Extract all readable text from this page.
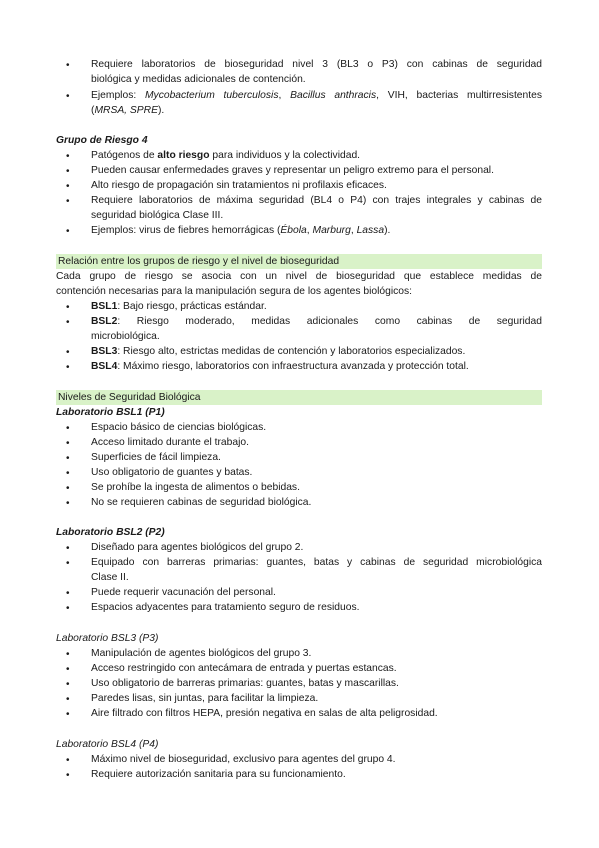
• Requiere laboratorios de bioseguridad nivel 3 (BL3 o P3) con cabinas de seguridad
biológica y medidas adicionales de contención.
• Ejemplos: Mycobacterium tuberculosis, Bacillus anthracis, VIH, bacterias multirresistentes
(MRSA, SPRE).
Grupo de Riesgo 4
• Patógenos de alto riesgo para individuos y la colectividad.
• Pueden causar enfermedades graves y representar un peligro extremo para el personal.
• Alto riesgo de propagación sin tratamientos ni profilaxis eficaces.
• Requiere laboratorios de máxima seguridad (BL4 o P4) con trajes integrales y cabinas de
seguridad biológica Clase III.
• Ejemplos: virus de fiebres hemorrágicas (Ébola, Marburg, Lassa).
Relación entre los grupos de riesgo y el nivel de bioseguridad
Cada grupo de riesgo se asocia con un nivel de bioseguridad que establece medidas de
contención necesarias para la manipulación segura de los agentes biológicos:
• BSL1: Bajo riesgo, prácticas estándar.
• BSL2: Riesgo moderado, medidas adicionales como cabinas de seguridad
microbiológica.
• BSL3: Riesgo alto, estrictas medidas de contención y laboratorios especializados.
• BSL4: Máximo riesgo, laboratorios con infraestructura avanzada y protección total.
Niveles de Seguridad Biológica
Laboratorio BSL1 (P1)
• Espacio básico de ciencias biológicas.
• Acceso limitado durante el trabajo.
• Superficies de fácil limpieza.
• Uso obligatorio de guantes y batas.
• Se prohíbe la ingesta de alimentos o bebidas.
• No se requieren cabinas de seguridad biológica.
Laboratorio BSL2 (P2)
• Diseñado para agentes biológicos del grupo 2.
• Equipado con barreras primarias: guantes, batas y cabinas de seguridad microbiológica
Clase II.
• Puede requerir vacunación del personal.
• Espacios adyacentes para tratamiento seguro de residuos.
Laboratorio BSL3 (P3)
• Manipulación de agentes biológicos del grupo 3.
• Acceso restringido con antecámara de entrada y puertas estancas.
• Uso obligatorio de barreras primarias: guantes, batas y mascarillas.
• Paredes lisas, sin juntas, para facilitar la limpieza.
• Aire filtrado con filtros HEPA, presión negativa en salas de alta peligrosidad.
Laboratorio BSL4 (P4)
• Máximo nivel de bioseguridad, exclusivo para agentes del grupo 4.
• Requiere autorización sanitaria para su funcionamiento.
